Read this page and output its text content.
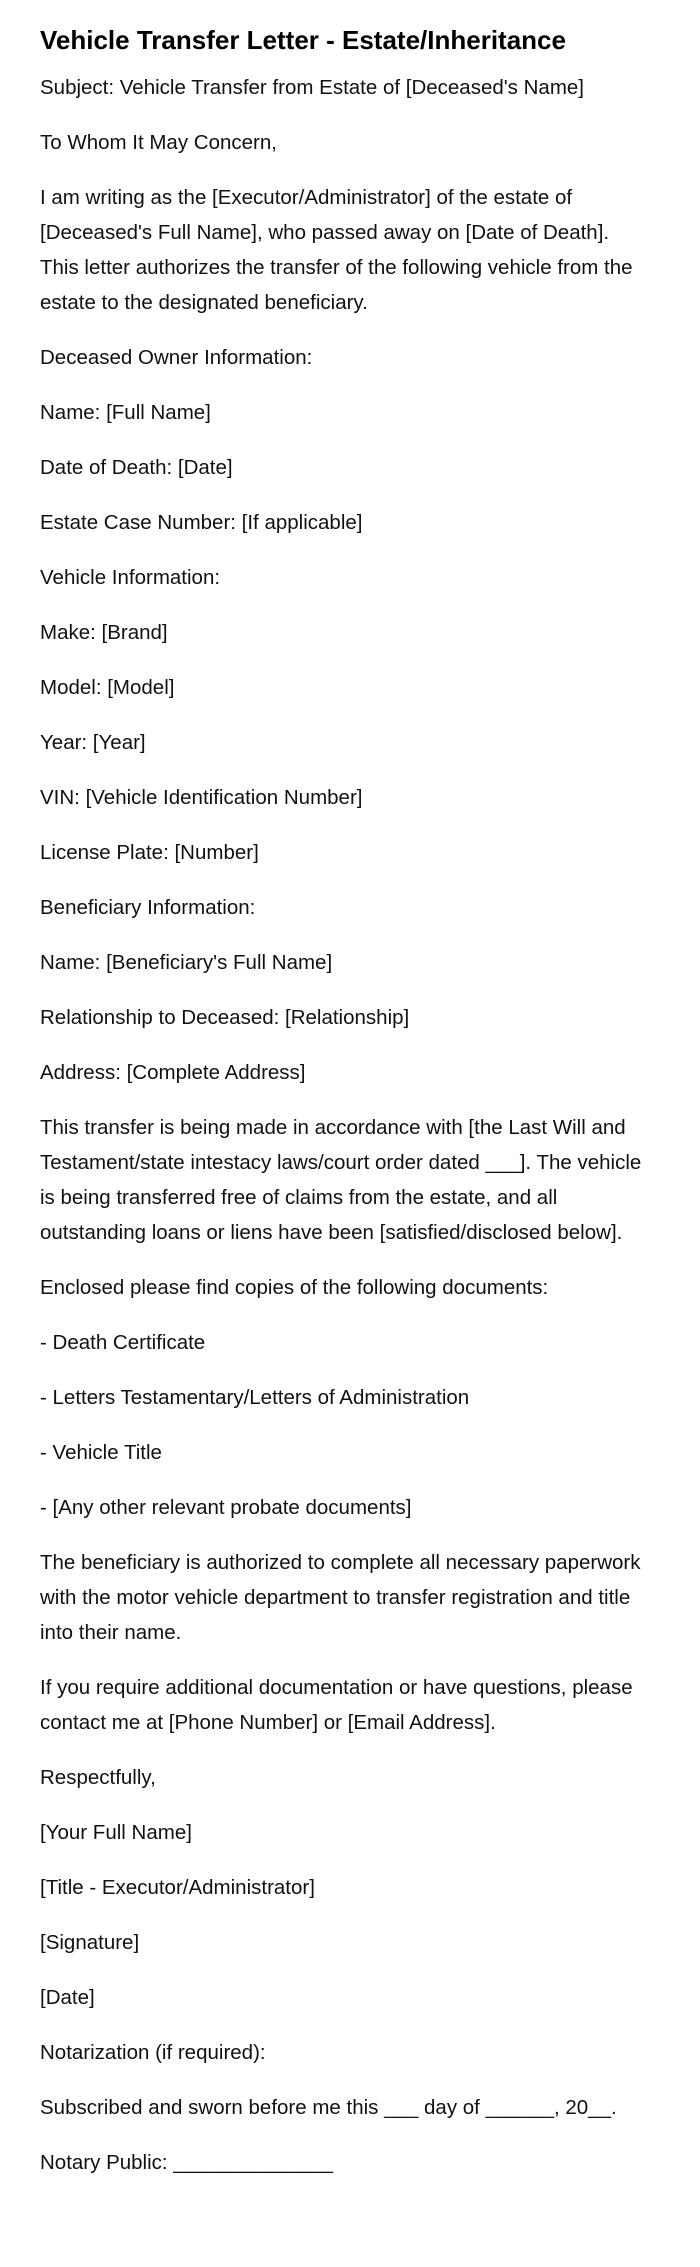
Vehicle Transfer Letter - Estate/Inheritance

Subject: Vehicle Transfer from Estate of [Deceased's Name]

To Whom It May Concern,

I am writing as the [Executor/Administrator] of the estate of [Deceased's Full Name], who passed away on [Date of Death]. This letter authorizes the transfer of the following vehicle from the estate to the designated beneficiary.

Deceased Owner Information:

Name: [Full Name]

Date of Death: [Date]

Estate Case Number: [If applicable]

Vehicle Information:

Make: [Brand]

Model: [Model]

Year: [Year]

VIN: [Vehicle Identification Number]

License Plate: [Number]

Beneficiary Information:

Name: [Beneficiary's Full Name]

Relationship to Deceased: [Relationship]

Address: [Complete Address]

This transfer is being made in accordance with [the Last Will and Testament/state intestacy laws/court order dated ___]. The vehicle is being transferred free of claims from the estate, and all outstanding loans or liens have been [satisfied/disclosed below].

Enclosed please find copies of the following documents:

- Death Certificate

- Letters Testamentary/Letters of Administration

- Vehicle Title

- [Any other relevant probate documents]

The beneficiary is authorized to complete all necessary paperwork with the motor vehicle department to transfer registration and title into their name.

If you require additional documentation or have questions, please contact me at [Phone Number] or [Email Address].

Respectfully,

[Your Full Name]

[Title - Executor/Administrator]

[Signature]

[Date]

Notarization (if required):

Subscribed and sworn before me this ___ day of ______, 20__.

Notary Public: ______________
